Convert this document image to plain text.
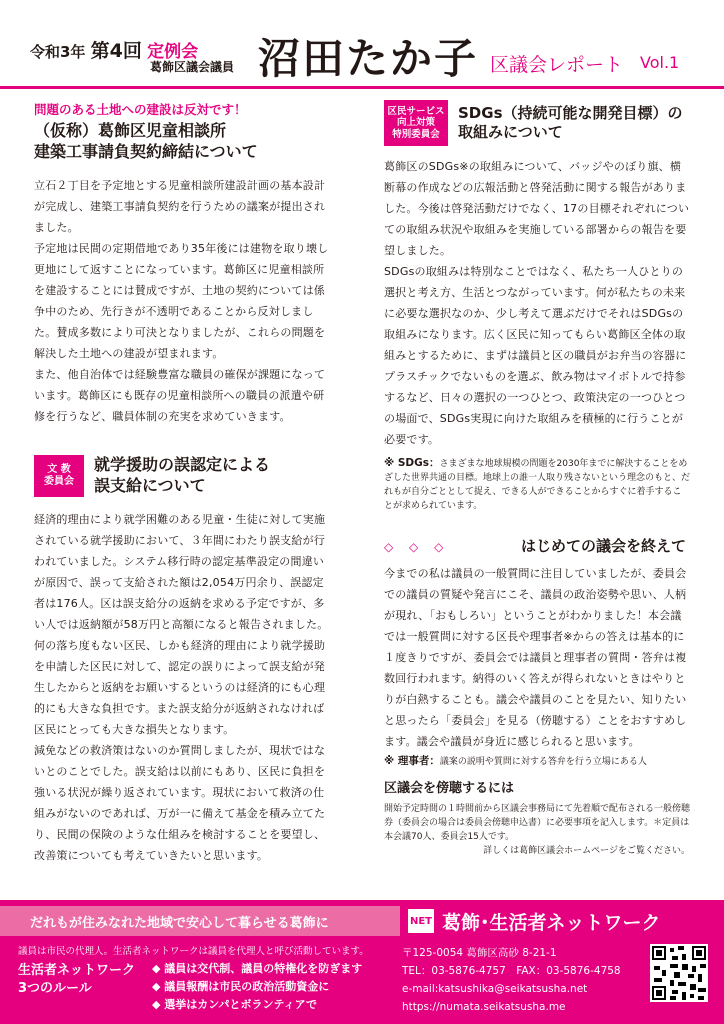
令和3年 第4回 定例会
葛飾区議会議員 沼田たか子 区議会レポート Vol.1
問題のある土地への建設は反対です！
（仮称）葛飾区児童相談所
建築工事請負契約締結について

立石２丁目を予定地とする児童相談所建設計画の基本設計が完成し、建築工事請負契約を行うための議案が提出されました。

予定地は民間の定期借地であり35年後には建物を取り壊し更地にして返すことになっています。葛飾区に児童相談所を建設することには賛成ですが、土地の契約については係争中のため、先行きが不透明であることから反対しました。賛成多数により可決となりましたが、これらの問題を解決した土地への建設が望まれます。

また、他自治体では経験豊富な職員の確保が課題になっています。葛飾区にも既存の児童相談所への職員の派遣や研修を行うなど、職員体制の充実を求めていきます。

文 教
委員会
就学援助の誤認定による
誤支給について

経済的理由により就学困難のある児童・生徒に対して実施されている就学援助において、３年間にわたり誤支給が行われていました。システム移行時の認定基準設定の間違いが原因で、誤って支給された額は2,054万円余り、誤認定者は176人。区は誤支給分の返納を求める予定ですが、多い人では返納額が58万円と高額になると報告されました。

何の落ち度もない区民、しかも経済的理由により就学援助を申請した区民に対して、認定の誤りによって誤支給が発生したからと返納をお願いするというのは経済的にも心理的にも大きな負担です。また誤支給分が返納されなければ区民にとっても大きな損失となります。

減免などの救済策はないのか質問しましたが、現状ではないとのことでした。誤支給は以前にもあり、区民に負担を強いる状況が繰り返されています。現状において救済の仕組みがないのであれば、万が一に備えて基金を積み立てたり、民間の保険のような仕組みを検討することを要望し、改善策についても考えていきたいと思います。

区民サービス
向上対策
特別委員会
SDGs（持続可能な開発目標）の
取組みについて

葛飾区のSDGs※の取組みについて、バッジやのぼり旗、横断幕の作成などの広報活動と啓発活動に関する報告がありました。今後は啓発活動だけでなく、17の目標それぞれについての取組み状況や取組みを実施している部署からの報告を要望しました。

SDGsの取組みは特別なことではなく、私たち一人ひとりの選択と考え方、生活とつながっています。何が私たちの未来に必要な選択なのか、少し考えて選ぶだけでそれはSDGsの取組みになります。広く区民に知ってもらい葛飾区全体の取組みとするために、まずは議員と区の職員がお弁当の容器にプラスチックでないものを選ぶ、飲み物はマイボトルで持参するなど、日々の選択の一つひとつ、政策決定の一つひとつの場面で、SDGs実現に向けた取組みを積極的に行うことが必要です。

※ SDGs：さまざまな地球規模の問題を2030年までに解決することをめざした世界共通の目標。地球上の誰一人取り残さないという理念のもと、だれもが自分ごととして捉え、できる人ができることからすぐに着手することが求められています。
◇ ◇ ◇	はじめての議会を終えて

今までの私は議員の一般質問に注目していましたが、委員会での議員の質疑や発言にこそ、議員の政治姿勢や思い、人柄が現れ、「おもしろい」ということがわかりました！本会議では一般質問に対する区長や理事者※からの答えは基本的に１度きりですが、委員会では議員と理事者の質問・答弁は複数回行われます。納得のいく答えが得られないときはやりとりが白熱することも。議会や議員のことを見たい、知りたいと思ったら「委員会」を見る（傍聴する）ことをおすすめします。議会や議員が身近に感じられると思います。

※ 理事者：議案の説明や質問に対する答弁を行う立場にある人
区議会を傍聴するには
開始予定時間の１時間前から区議会事務局にて先着順で配布される一般傍聴券（委員会の場合は委員会傍聴申込書）に必要事項を記入します。＊定員は本会議70人、委員会15人です。
詳しくは葛飾区議会ホームページをご覧ください。
だれもが住みなれた地域で安心して暮らせる葛飾に	NET 葛飾･生活者ネットワーク
議員は市民の代理人。生活者ネットワークは議員を代理人と呼び活動しています。
生活者ネットワーク
3つのルール
◆ 議員は交代制、議員の特権化を防ぎます
◆ 議員報酬は市民の政治活動資金に
◆ 選挙はカンパとボランティアで
〒125-0054 葛飾区高砂 8-21-1
TEL：03-5876-4757　FAX：03-5876-4758
e-mail:katsushika@seikatsusha.net
https://numata.seikatsusha.me
